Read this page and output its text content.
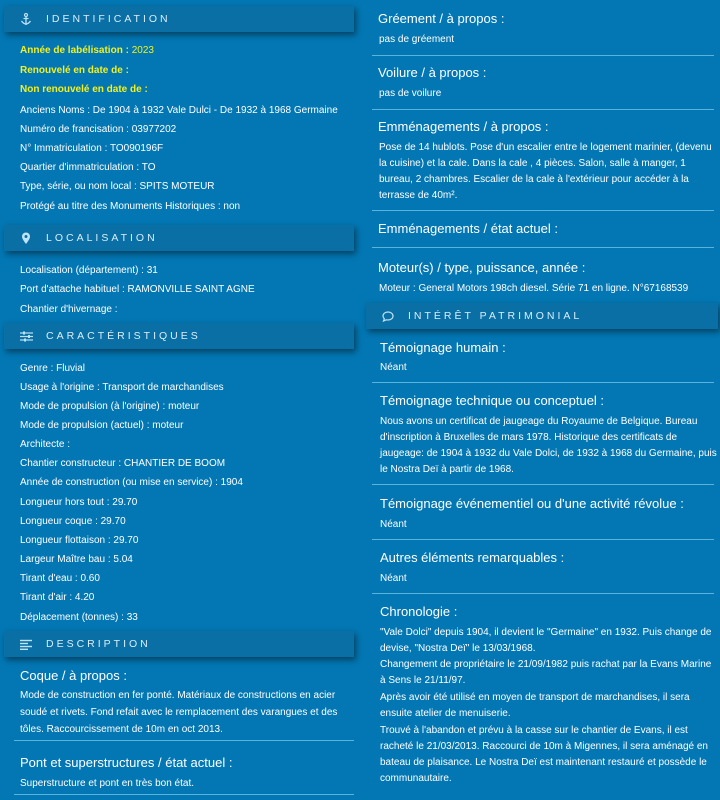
IDENTIFICATION
Année de labélisation : 2023
Renouvelé en date de :
Non renouvelé en date de :
Anciens Noms : De 1904 à 1932 Vale Dulci - De 1932 à 1968 Germaine
Numéro de francisation : 03977202
N° Immatriculation : TO090196F
Quartier d'immatriculation : TO
Type, série, ou nom local : SPITS MOTEUR
Protégé au titre des Monuments Historiques : non
LOCALISATION
Localisation (département) : 31
Port d'attache habituel : RAMONVILLE SAINT AGNE
Chantier d'hivernage :
CARACTÉRISTIQUES
Genre : Fluvial
Usage à l'origine : Transport de marchandises
Mode de propulsion (à l'origine) : moteur
Mode de propulsion (actuel) : moteur
Architecte :
Chantier constructeur : CHANTIER DE BOOM
Année de construction (ou mise en service) : 1904
Longueur hors tout : 29.70
Longueur coque : 29.70
Longueur flottaison : 29.70
Largeur Maître bau : 5.04
Tirant d'eau : 0.60
Tirant d'air : 4.20
Déplacement (tonnes) : 33
DESCRIPTION
Coque / à propos :
Mode de construction en fer ponté. Matériaux de constructions en acier
soudé et rivets. Fond refait avec le remplacement des varangues et des
tôles. Raccourcissement de 10m en oct 2013.
Pont et superstructures / état actuel :
Superstructure et pont en très bon état.
Gréement / à propos :
pas de gréement
Voilure / à propos :
pas de voilure
Emménagements / à propos :
Pose de 14 hublots. Pose d'un escalier entre le logement marinier, (devenu
la cuisine) et la cale. Dans la cale , 4 pièces. Salon, salle à manger, 1
bureau, 2 chambres. Escalier de la cale à l'extérieur pour accéder à la
terrasse de 40m².
Emménagements / état actuel :
Moteur(s) / type, puissance, année :
Moteur : General Motors 198ch diesel. Série 71 en ligne. N°67168539
INTÉRÊT PATRIMONIAL
Témoignage humain :
Néant
Témoignage technique ou conceptuel :
Nous avons un certificat de jaugeage du Royaume de Belgique. Bureau
d'inscription à Bruxelles de mars 1978. Historique des certificats de
jaugeage: de 1904 à 1932 du Vale Dolci, de 1932 à 1968 du Germaine, puis
le Nostra Deï à partir de 1968.
Témoignage événementiel ou d'une activité révolue :
Néant
Autres éléments remarquables :
Néant
Chronologie :
"Vale Dolci" depuis 1904, il devient le "Germaine" en 1932. Puis change de
devise, "Nostra Deï" le 13/03/1968.
Changement de propriétaire le 21/09/1982 puis rachat par la Evans Marine
à Sens le 21/11/97.
Après avoir été utilisé en moyen de transport de marchandises, il sera
ensuite atelier de menuiserie.
Trouvé à l'abandon et prévu à la casse sur le chantier de Evans, il est
racheté le 21/03/2013. Raccourci de 10m à Migennes, il sera aménagé en
bateau de plaisance. Le Nostra Deï est maintenant restauré et possède le
communautaire.
